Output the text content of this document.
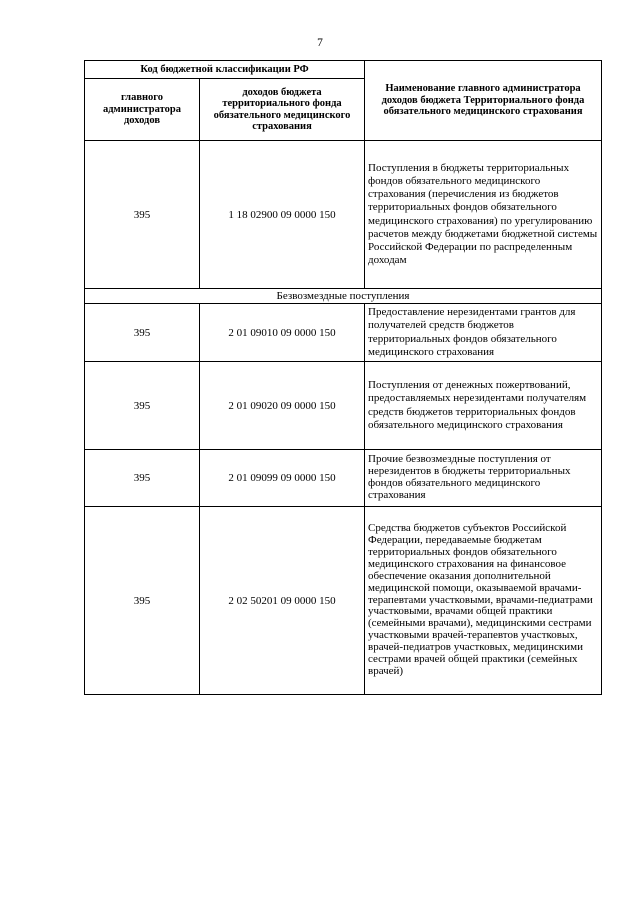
7
Код бюджетной классификации РФ		Наименование главного администратора доходов бюджета Территориального фонда обязательного медицинского страхования
главного администратора доходов	доходов бюджета территориального фонда обязательного медицинского страхования	
395	1 18 02900 09 0000 150	Поступления в бюджеты территориальных фондов обязательного медицинского страхования (перечисления из бюджетов территориальных фондов обязательного медицинского страхования) по урегулированию расчетов между бюджетами бюджетной системы Российской Федерации по распределенным доходам
Безвозмездные поступления		
395	2 01 09010 09 0000 150	Предоставление нерезидентами грантов для получателей средств бюджетов территориальных фондов обязательного медицинского страхования
395	2 01 09020 09 0000 150	Поступления от денежных пожертвований, предоставляемых нерезидентами получателям средств бюджетов территориальных фондов обязательного медицинского страхования
395	2 01 09099 09 0000 150	Прочие безвозмездные поступления от нерезидентов в бюджеты территориальных фондов обязательного медицинского страхования
395	2 02 50201 09 0000 150	Средства бюджетов субъектов Российской Федерации, передаваемые бюджетам территориальных фондов обязательного медицинского страхования на финансовое обеспечение оказания дополнительной медицинской помощи, оказываемой врачами-терапевтами участковыми, врачами-педиатрами участковыми, врачами общей практики (семейными врачами), медицинскими сестрами участковыми врачей-терапевтов участковых, врачей-педиатров участковых, медицинскими сестрами врачей общей практики (семейных врачей)
